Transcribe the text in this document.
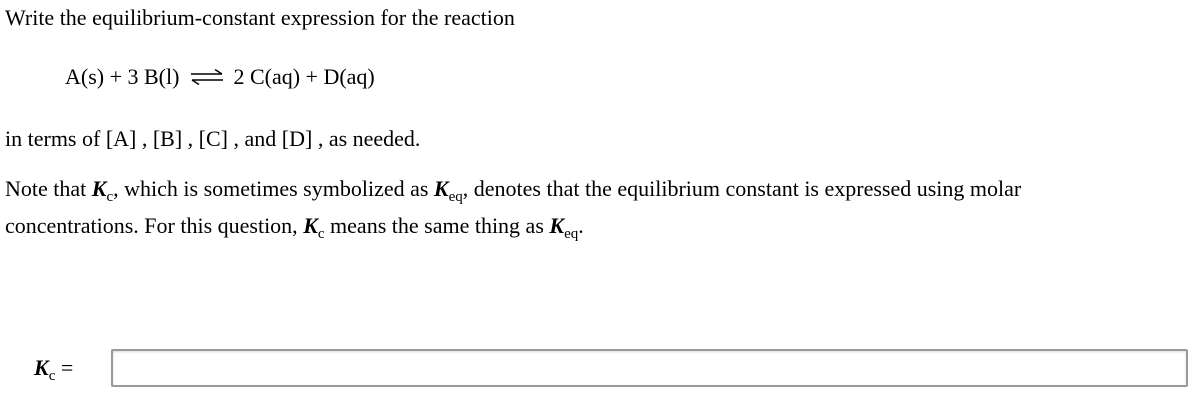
Write the equilibrium-constant expression for the reaction
A(s) + 3 B(l) ⇌ 2 C(aq) + D(aq)
in terms of [A] , [B] , [C] , and [D] , as needed.
Note that $K_c$, which is sometimes symbolized as $K_{eq}$, denotes that the equilibrium constant is expressed using molar
concentrations. For this question, $K_c$ means the same thing as $K_{eq}$.
$K_c$ =
